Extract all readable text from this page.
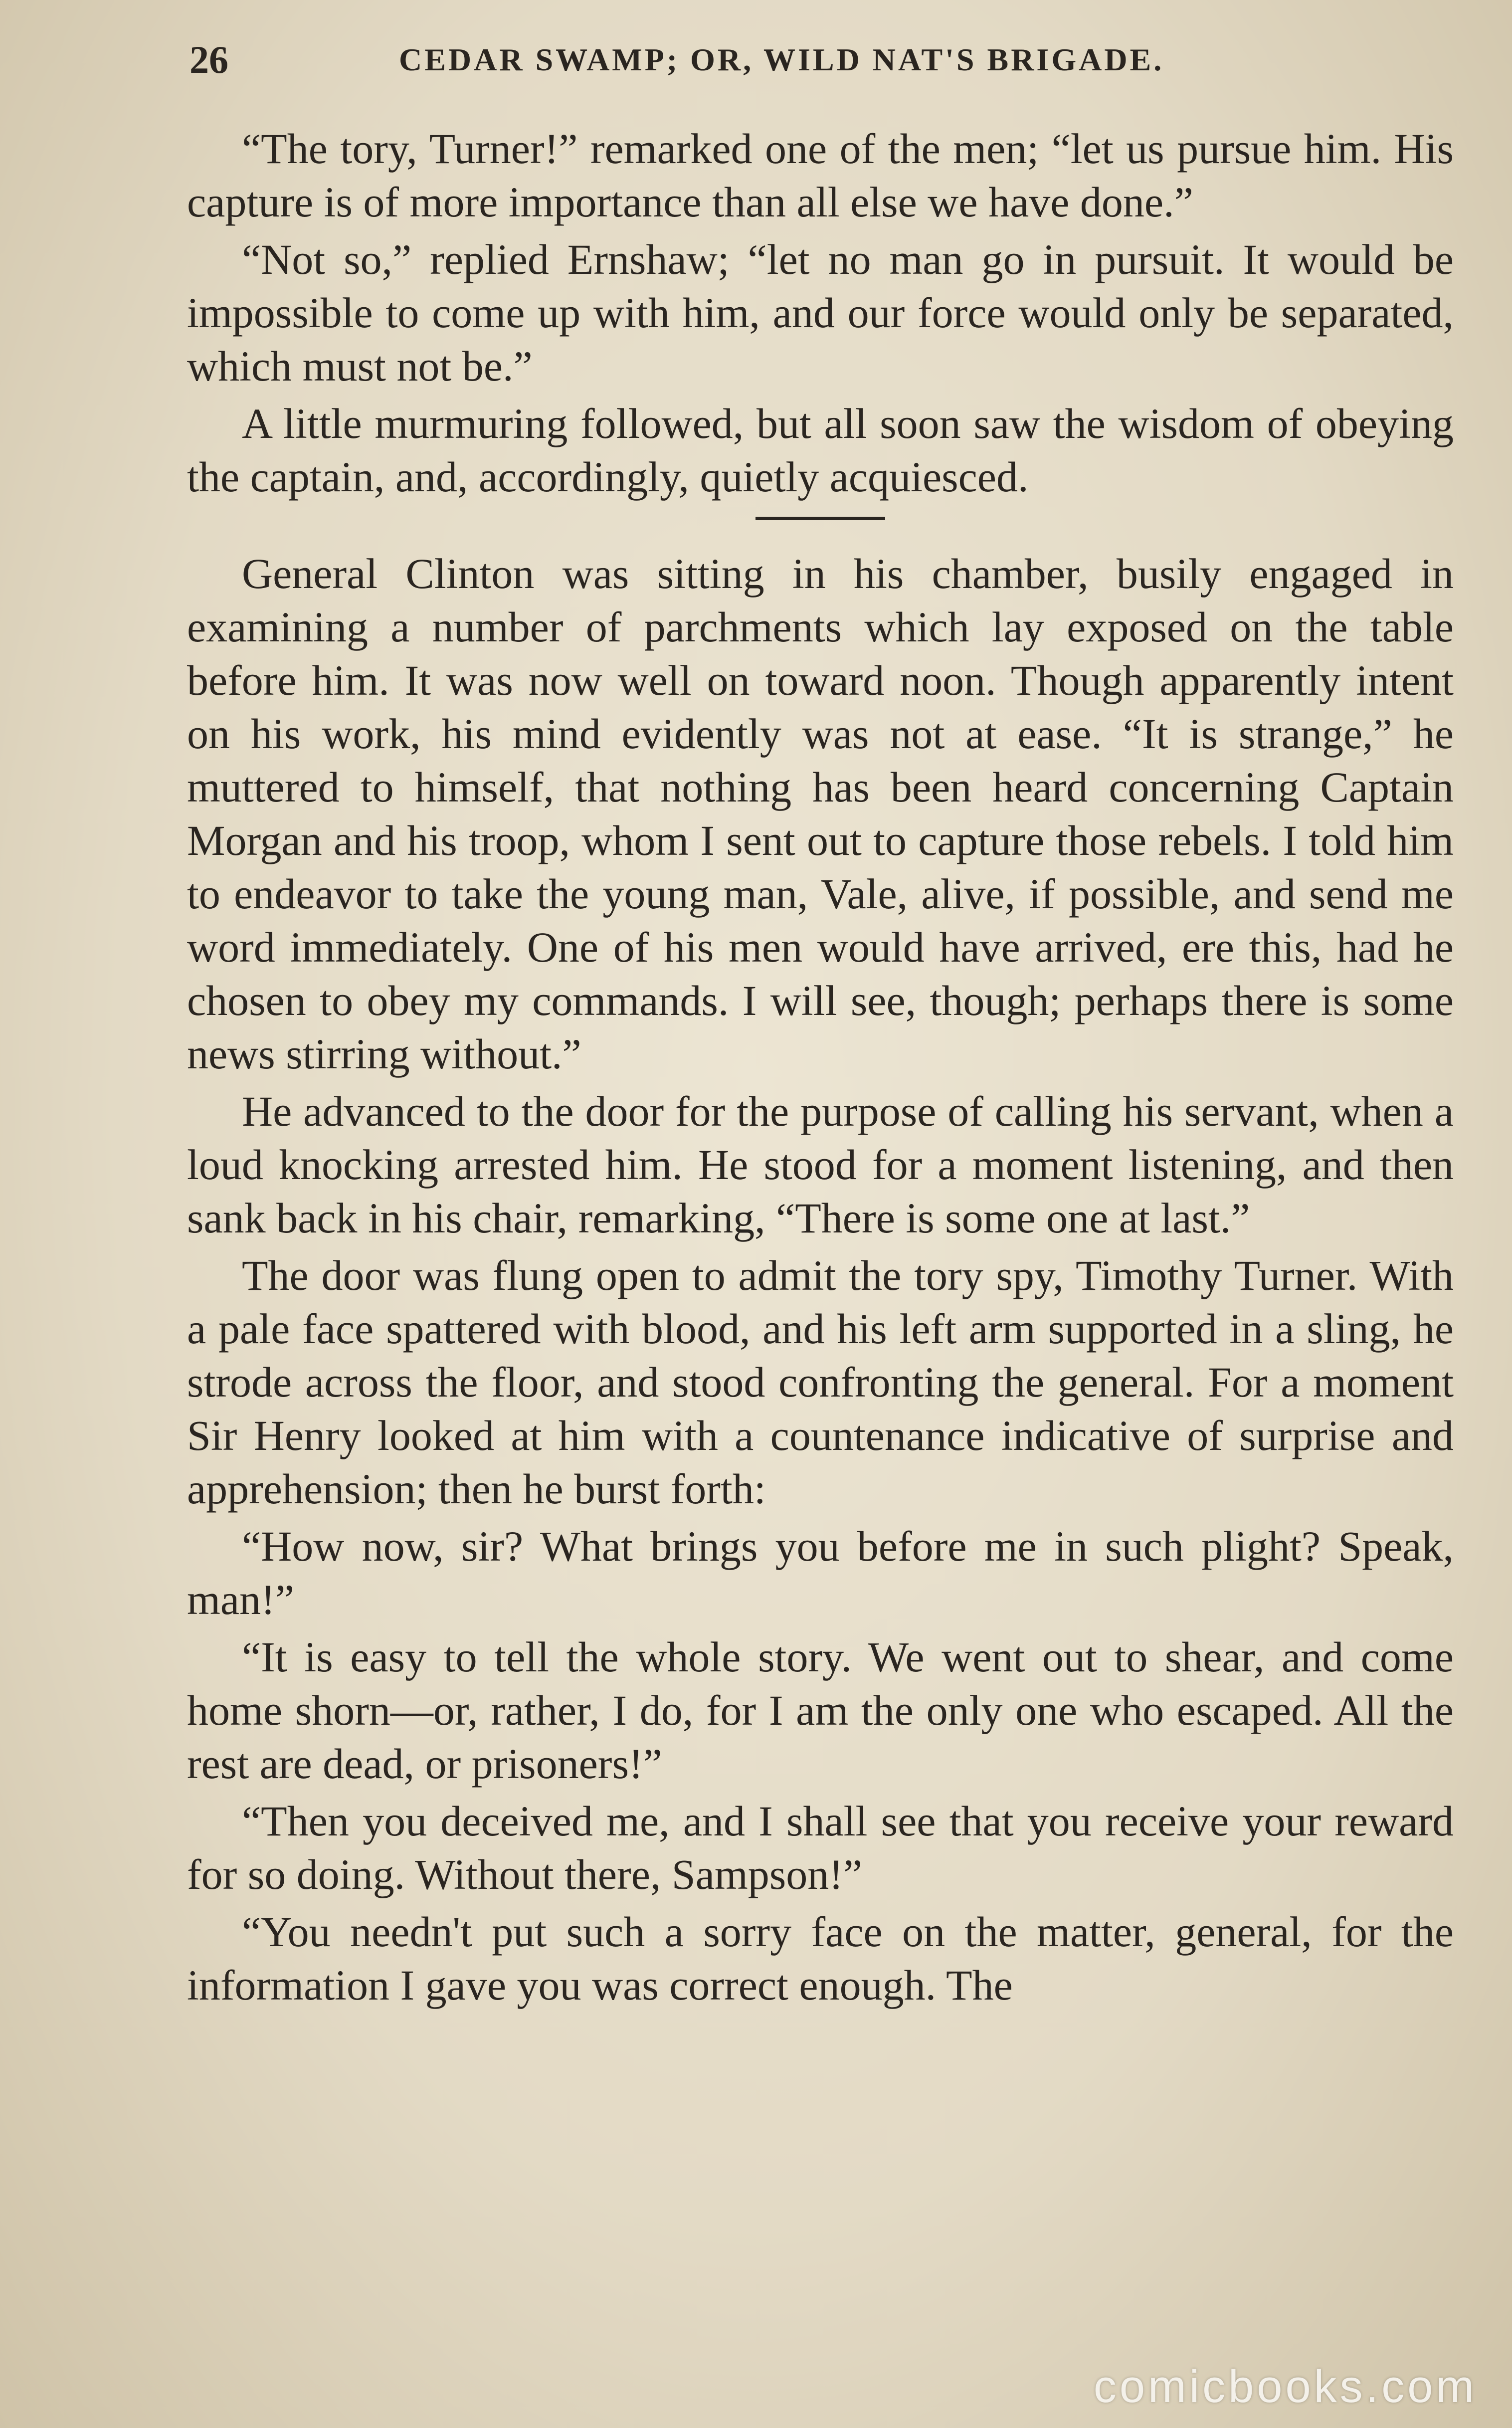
26	CEDAR SWAMP; OR, WILD NAT'S BRIGADE.

“The tory, Turner!” remarked one of the men; “let us pursue him. His capture is of more importance than all else we have done.”

“Not so,” replied Ernshaw; “let no man go in pursuit. It would be impossible to come up with him, and our force would only be separated, which must not be.”

A little murmuring followed, but all soon saw the wisdom of obeying the captain, and, accordingly, quietly acquiesced.

General Clinton was sitting in his chamber, busily engaged in examining a number of parchments which lay exposed on the table before him. It was now well on toward noon. Though apparently intent on his work, his mind evidently was not at ease. “It is strange,” he muttered to himself, that nothing has been heard concerning Captain Morgan and his troop, whom I sent out to capture those rebels. I told him to endeavor to take the young man, Vale, alive, if possible, and send me word immediately. One of his men would have arrived, ere this, had he chosen to obey my commands. I will see, though; perhaps there is some news stirring without.”

He advanced to the door for the purpose of calling his servant, when a loud knocking arrested him. He stood for a moment listening, and then sank back in his chair, remarking, “There is some one at last.”

The door was flung open to admit the tory spy, Timothy Turner. With a pale face spattered with blood, and his left arm supported in a sling, he strode across the floor, and stood confronting the general. For a moment Sir Henry looked at him with a countenance indicative of surprise and apprehension; then he burst forth:

“How now, sir? What brings you before me in such plight? Speak, man!”

“It is easy to tell the whole story. We went out to shear, and come home shorn—or, rather, I do, for I am the only one who escaped. All the rest are dead, or prisoners!”

“Then you deceived me, and I shall see that you receive your reward for so doing. Without there, Sampson!”

“You needn't put such a sorry face on the matter, general, for the information I gave you was correct enough. The

comicbooks.com
